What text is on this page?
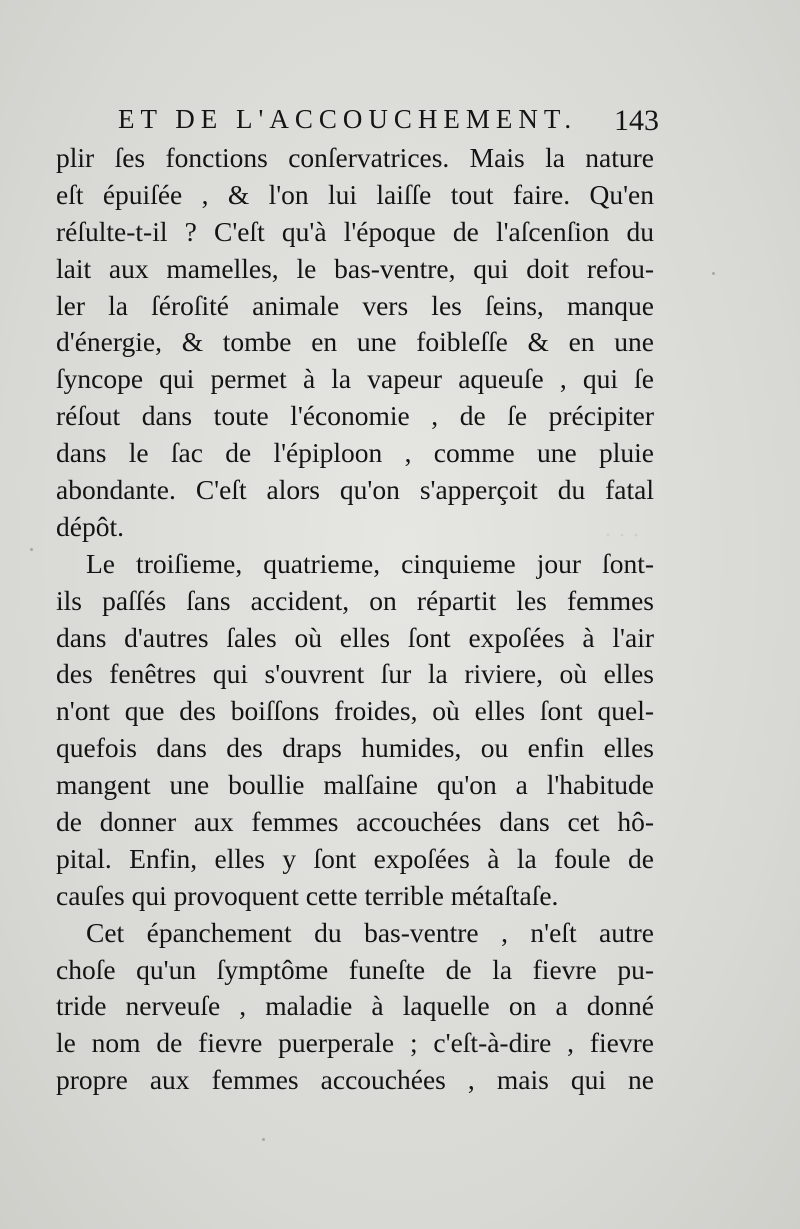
ET DE L'ACCOUCHEMENT. 143
· · ·
plir ſes fonctions conſervatrices. Mais la nature
eſt épuiſée , & l'on lui laiſſe tout faire. Qu'en
réſulte-t-il ? C'eſt qu'à l'époque de l'aſcenſion du
lait aux mamelles, le bas-ventre, qui doit refou-
ler la ſéroſité animale vers les ſeins, manque
d'énergie, & tombe en une foibleſſe & en une
ſyncope qui permet à la vapeur aqueuſe , qui ſe
réſout dans toute l'économie , de ſe précipiter
dans le ſac de l'épiploon , comme une pluie
abondante. C'eſt alors qu'on s'apperçoit du fatal
dépôt.
Le troiſieme, quatrieme, cinquieme jour ſont-
ils paſſés ſans accident, on répartit les femmes
dans d'autres ſales où elles ſont expoſées à l'air
des fenêtres qui s'ouvrent ſur la riviere, où elles
n'ont que des boiſſons froides, où elles ſont quel-
quefois dans des draps humides, ou enfin elles
mangent une boullie malſaine qu'on a l'habitude
de donner aux femmes accouchées dans cet hô-
pital. Enfin, elles y ſont expoſées à la foule de
cauſes qui provoquent cette terrible métaſtaſe.
Cet épanchement du bas-ventre , n'eſt autre
choſe qu'un ſymptôme funeſte de la fievre pu-
tride nerveuſe , maladie à laquelle on a donné
le nom de fievre puerperale ; c'eſt-à-dire , fievre
propre aux femmes accouchées , mais qui ne
